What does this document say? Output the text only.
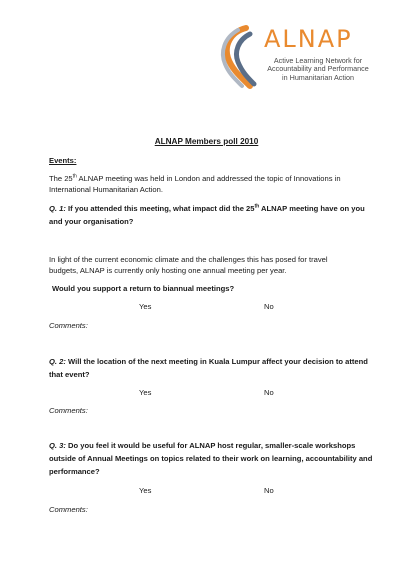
ALNAP
Active Learning Network for
Accountability and Performance
in Humanitarian Action
ALNAP Members poll 2010
Events:
The 25th ALNAP meeting was held in London and addressed the topic of Innovations in
International Humanitarian Action.
Q. 1: If you attended this meeting, what impact did the 25th ALNAP meeting have on you
and your organisation?
In light of the current economic climate and the challenges this has posed for travel
budgets, ALNAP is currently only hosting one annual meeting per year.
Would you support a return to biannual meetings?
Yes	No
Comments:
Q. 2: Will the location of the next meeting in Kuala Lumpur affect your decision to attend
that event?
Yes	No
Comments:
Q. 3: Do you feel it would be useful for ALNAP host regular, smaller-scale workshops
outside of Annual Meetings on topics related to their work on learning, accountability and
performance?
Yes	No
Comments:
